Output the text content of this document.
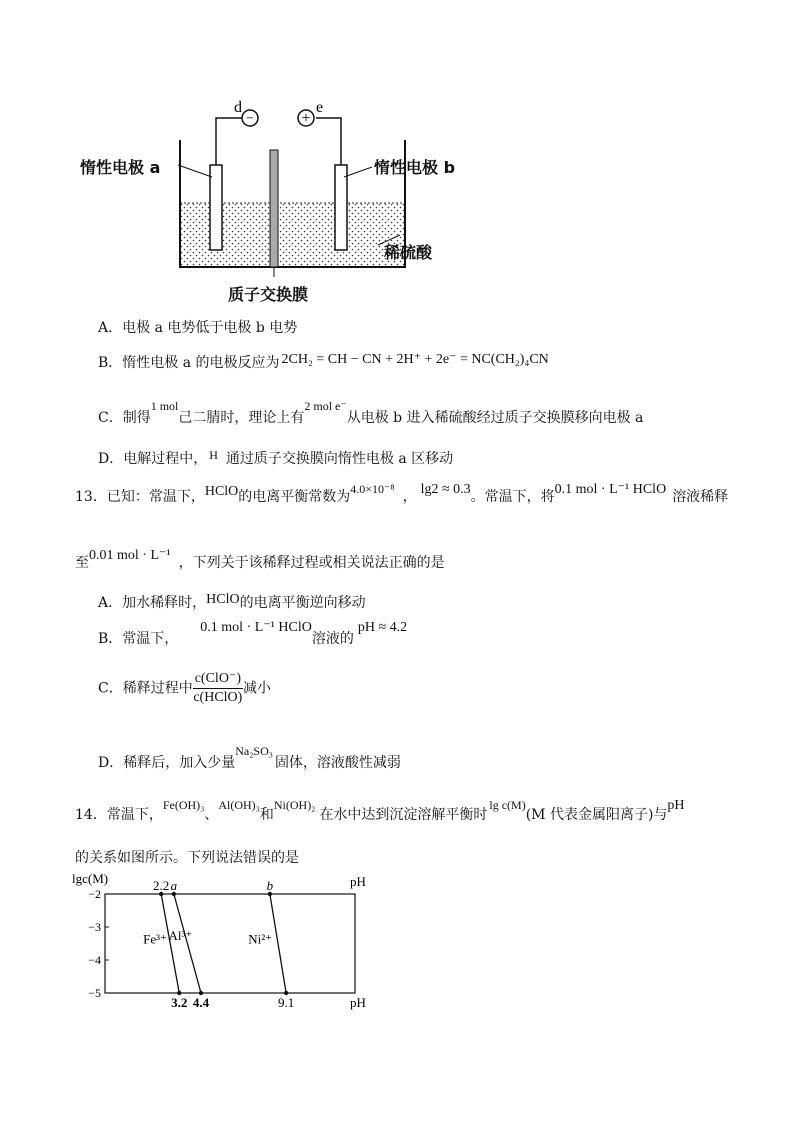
−	+
d	e
惰性电极 a	惰性电极 b
稀硫酸
质子交换膜
A．电极 a 电势低于电极 b 电势
B．惰性电极 a 的电极反应为 2CH₂ = CH − CN + 2H⁺ + 2e⁻ = NC(CH₂)₄CN
C．制得1 mol己二腈时，理论上有2 mol e⁻从电极 b 进入稀硫酸经过质子交换膜移向电极 a
D．电解过程中， H 通过质子交换膜向惰性电极 a 区移动
13．已知：常温下，HClO的电离平衡常数为4.0×10⁻⁸ ， lg2 ≈ 0.3。常温下，将0.1 mol · L⁻¹ HClO 溶液稀释
至0.01 mol · L⁻¹ ，下列关于该稀释过程或相关说法正确的是
A．加水稀释时，HClO的电离平衡逆向移动
B．常温下，0.1 mol · L⁻¹ HClO溶液的pH ≈ 4.2
C．稀释过程中 $\frac{\text{c(ClO⁻)}}{\text{c(HClO)}}$ 减小
D．稀释后，加入少量Na₂SO₃固体，溶液酸性减弱
14．常温下，Fe(OH)₃、Al(OH)₃和Ni(OH)₂在水中达到沉淀溶解平衡时lg c(M)(M 代表金属阳离子)与pH
的关系如图所示。下列说法错误的是
lgc(M)	pH
pH
−2
−3
−4
−5
Fe³⁺
2.2
3.2
Al³⁺
a
4.4
Ni²⁺
b
9.1
